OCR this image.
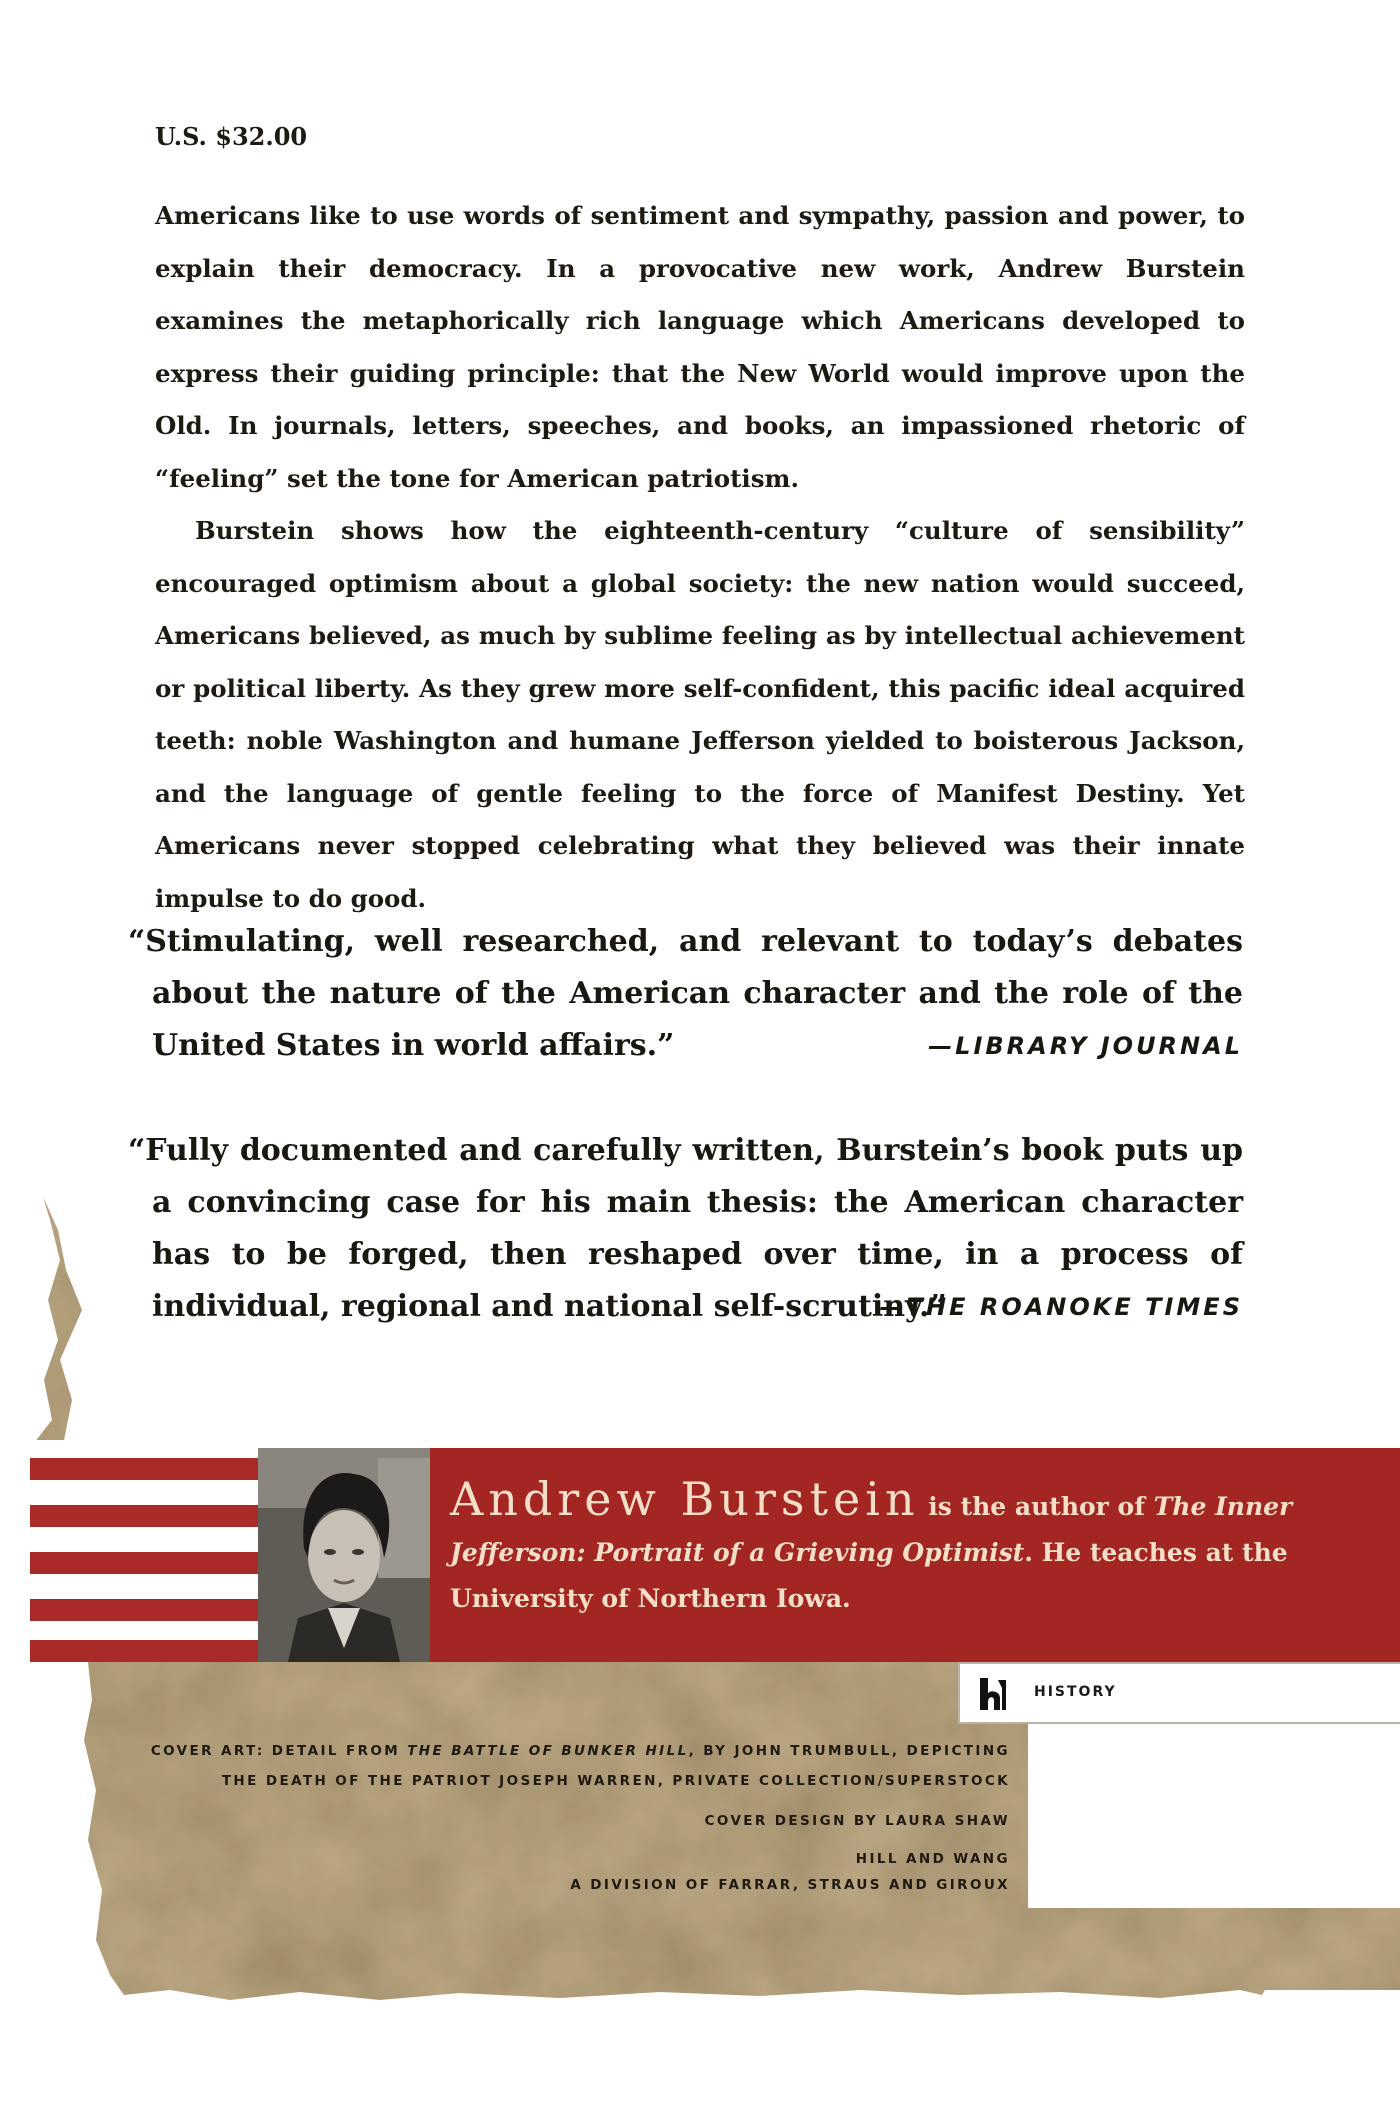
U.S. $32.00

Americans like to use words of sentiment and sympathy, passion and power, to explain their democracy. In a provocative new work, Andrew Burstein examines the metaphorically rich language which Americans developed to express their guiding principle: that the New World would improve upon the Old. In journals, letters, speeches, and books, an impassioned rhetoric of “feeling” set the tone for American patriotism.

Burstein shows how the eighteenth-century “culture of sensibility” encouraged optimism about a global society: the new nation would succeed, Americans believed, as much by sublime feeling as by intellectual achievement or political liberty. As they grew more self-confident, this pacific ideal acquired teeth: noble Washington and humane Jefferson yielded to boisterous Jackson, and the language of gentle feeling to the force of Manifest Destiny. Yet Americans never stopped celebrating what they believed was their innate impulse to do good.

“Stimulating, well researched, and relevant to today’s debates about the nature of the American character and the role of the United States in world affairs.”	—LIBRARY JOURNAL
“Fully documented and carefully written, Burstein’s book puts up a convincing case for his main thesis: the American character has to be forged, then reshaped over time, in a process of individual, regional and national self-scrutiny.”
—THE ROANOKE TIMES
Andrew Burstein is the author of The Inner Jefferson: Portrait of a Grieving Optimist. He teaches at the University of Northern Iowa.
HISTORY
COVER ART: DETAIL FROM THE BATTLE OF BUNKER HILL, BY JOHN TRUMBULL, DEPICTING
THE DEATH OF THE PATRIOT JOSEPH WARREN, PRIVATE COLLECTION/SUPERSTOCK
COVER DESIGN BY LAURA SHAW
HILL AND WANG
A DIVISION OF FARRAR, STRAUS AND GIROUX
